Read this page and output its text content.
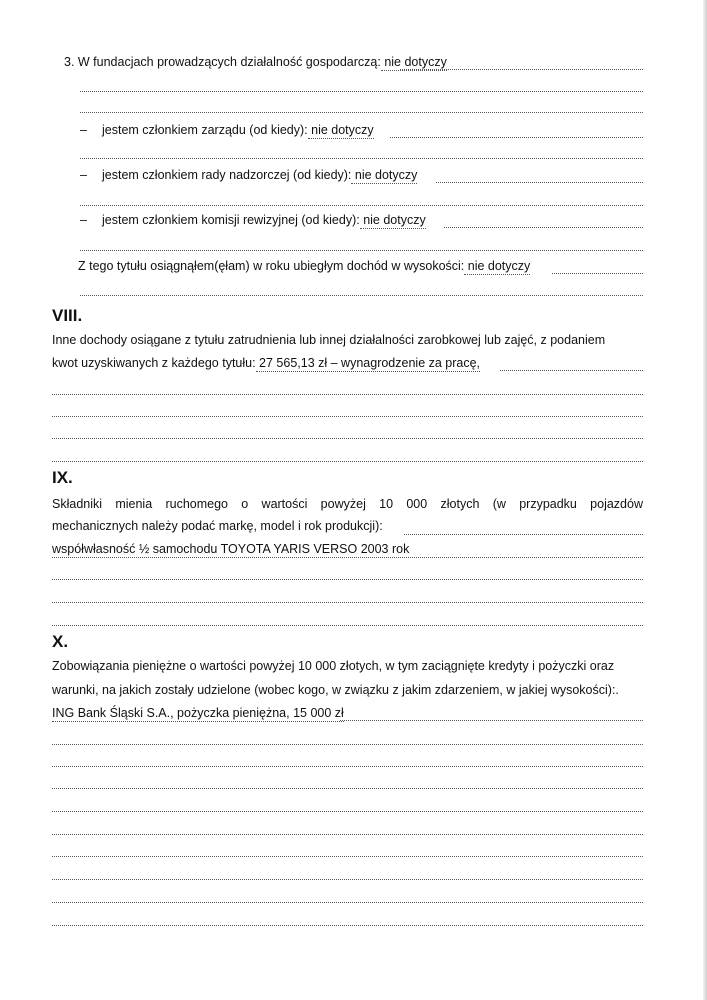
3. W fundacjach prowadzących działalność gospodarczą: nie dotyczy
– jestem członkiem zarządu (od kiedy): nie dotyczy
– jestem członkiem rady nadzorczej (od kiedy): nie dotyczy
– jestem członkiem komisji rewizyjnej (od kiedy): nie dotyczy
Z tego tytułu osiągnąłem(ęłam) w roku ubiegłym dochód w wysokości: nie dotyczy
VIII.
Inne dochody osiągane z tytułu zatrudnienia lub innej działalności zarobkowej lub zajęć, z podaniem
kwot uzyskiwanych z każdego tytułu: 27 565,13 zł – wynagrodzenie za pracę,
IX.
Składniki mienia ruchomego o wartości powyżej 10 000 złotych (w przypadku pojazdów
mechanicznych należy podać markę, model i rok produkcji):
współwłasność ½ samochodu TOYOTA YARIS VERSO 2003 rok
X.
Zobowiązania pieniężne o wartości powyżej 10 000 złotych, w tym zaciągnięte kredyty i pożyczki oraz
warunki, na jakich zostały udzielone (wobec kogo, w związku z jakim zdarzeniem, w jakiej wysokości):.
ING Bank Śląski S.A., pożyczka pieniężna, 15 000 zł
